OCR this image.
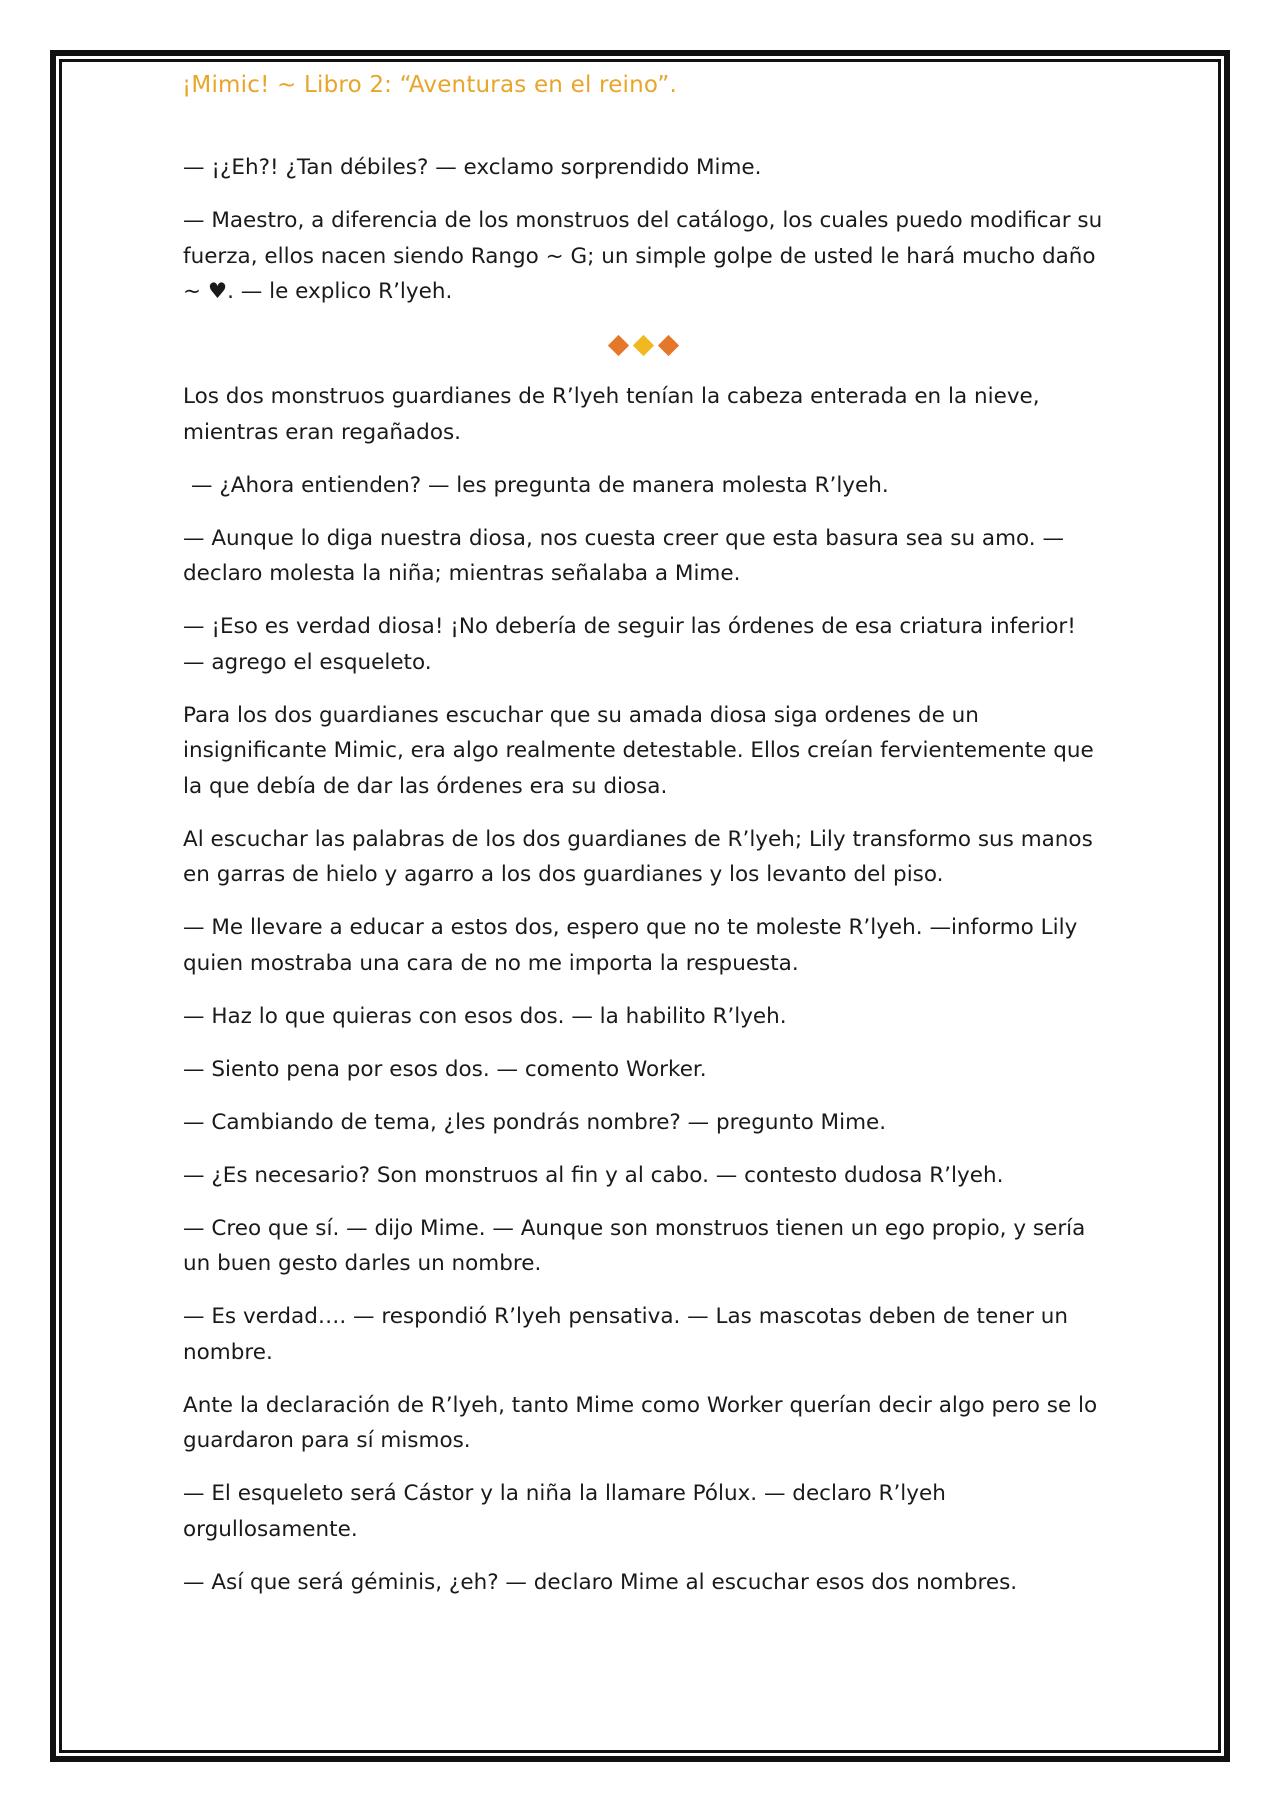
¡Mimic! ~ Libro 2: “Aventuras en el reino”.

— ¡¿Eh?! ¿Tan débiles? — exclamo sorprendido Mime.

— Maestro, a diferencia de los monstruos del catálogo, los cuales puedo modificar su fuerza, ellos nacen siendo Rango ~ G; un simple golpe de usted le hará mucho daño ~ ♥. — le explico R’lyeh.

Los dos monstruos guardianes de R’lyeh tenían la cabeza enterada en la nieve, mientras eran regañados.

— ¿Ahora entienden? — les pregunta de manera molesta R’lyeh.

— Aunque lo diga nuestra diosa, nos cuesta creer que esta basura sea su amo. — declaro molesta la niña; mientras señalaba a Mime.

— ¡Eso es verdad diosa! ¡No debería de seguir las órdenes de esa criatura inferior! — agrego el esqueleto.

Para los dos guardianes escuchar que su amada diosa siga ordenes de un insignificante Mimic, era algo realmente detestable. Ellos creían fervientemente que la que debía de dar las órdenes era su diosa.

Al escuchar las palabras de los dos guardianes de R’lyeh; Lily transformo sus manos en garras de hielo y agarro a los dos guardianes y los levanto del piso.

— Me llevare a educar a estos dos, espero que no te moleste R’lyeh. —informo Lily quien mostraba una cara de no me importa la respuesta.

— Haz lo que quieras con esos dos. — la habilito R’lyeh.

— Siento pena por esos dos. — comento Worker.

— Cambiando de tema, ¿les pondrás nombre? — pregunto Mime.

— ¿Es necesario? Son monstruos al fin y al cabo. — contesto dudosa R’lyeh.

— Creo que sí. — dijo Mime. — Aunque son monstruos tienen un ego propio, y sería un buen gesto darles un nombre.

— Es verdad…. — respondió R’lyeh pensativa. — Las mascotas deben de tener un nombre.

Ante la declaración de R’lyeh, tanto Mime como Worker querían decir algo pero se lo guardaron para sí mismos.

— El esqueleto será Cástor y la niña la llamare Pólux. — declaro R’lyeh orgullosamente.

— Así que será géminis, ¿eh? — declaro Mime al escuchar esos dos nombres.
